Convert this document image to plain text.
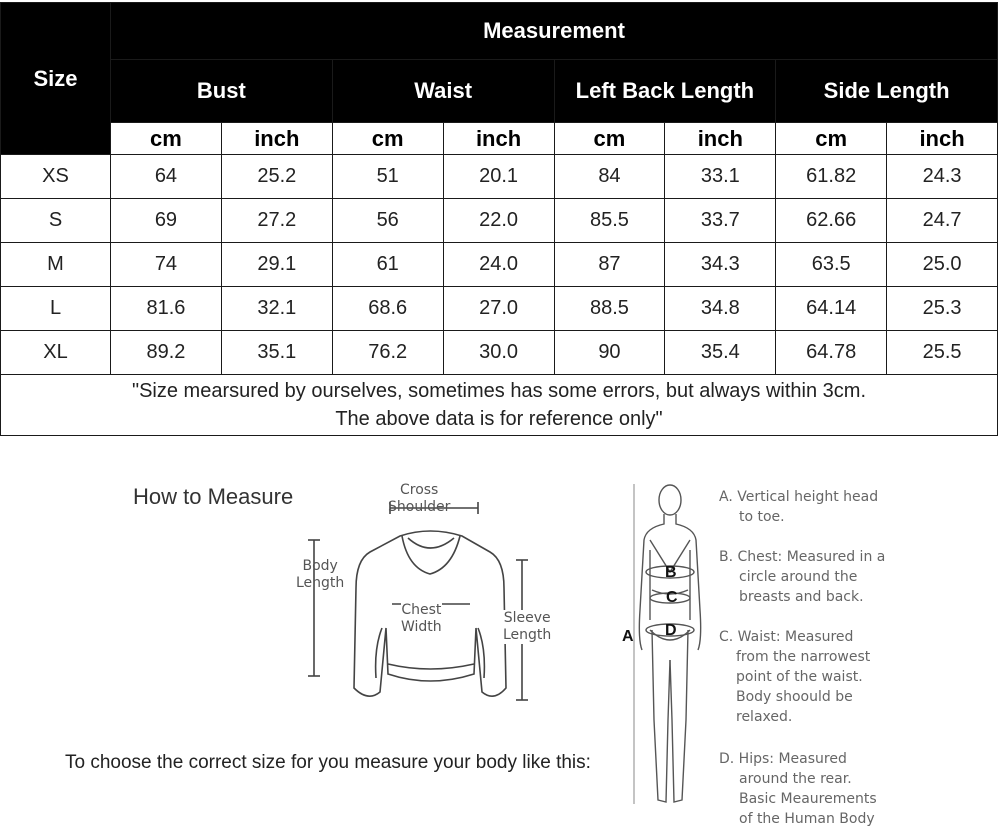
Size	Measurement							
	Bust		Waist		Left Back Length		Side Length	
	cm	inch	cm	inch	cm	inch	cm	inch
XS	64	25.2	51	20.1	84	33.1	61.82	24.3
S	69	27.2	56	22.0	85.5	33.7	62.66	24.7
M	74	29.1	61	24.0	87	34.3	63.5	25.0
L	81.6	32.1	68.6	27.0	88.5	34.8	64.14	25.3
XL	89.2	35.1	76.2	30.0	90	35.4	64.78	25.5
"Size mearsured by ourselves, sometimes has some errors, but always within 3cm.
The above data is for reference only"								
How to Measure	Cross
Shoulder
Body
Length
Chest
Width
Sleeve
Length
To choose the correct size for you measure your body like this:
A
B
C
D
A. Vertical height head
to toe.
B. Chest: Measured in a
circle around the
breasts and back.
C. Waist: Measured
from the narrowest
point of the waist.
Body shoould be
relaxed.
D. Hips: Measured
around the rear.
Basic Meaurements
of the Human Body
